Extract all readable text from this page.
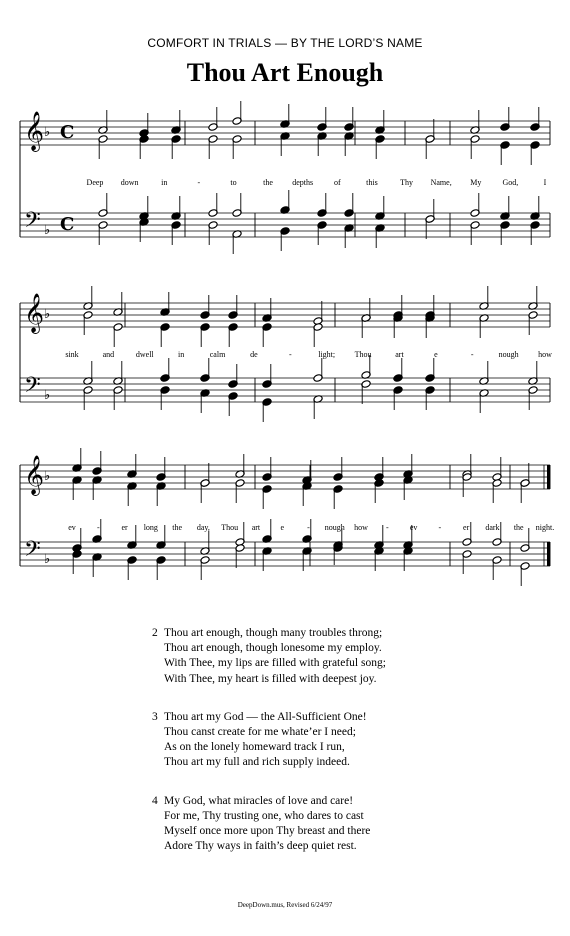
COMFORT IN TRIALS — BY THE LORD’S NAME
Thou Art Enough
𝄞
𝄢
♭
♭
C
C
Deep down	in	-	to	the depths	of	this	Thy Name, My	God,	I
𝄞
𝄢
♭
♭
sink	and	dwell	in	calm	de	-	light; Thou	art	e	-	nough how
𝄞
𝄢
♭
♭
ev	-	er long the day, Thou art	e	- nough how -	ev	-	er dark the night.
2 Thou art enough, though many troubles throng;
Thou art enough, though lonesome my employ.
With Thee, my lips are filled with grateful song;
With Thee, my heart is filled with deepest joy.
3 Thou art my God — the All-Sufficient One!
Thou canst create for me whate’er I need;
As on the lonely homeward track I run,
Thou art my full and rich supply indeed.
4 My God, what miracles of love and care!
For me, Thy trusting one, who dares to cast
Myself once more upon Thy breast and there
Adore Thy ways in faith’s deep quiet rest.
DeepDown.mus, Revised 6/24/97
